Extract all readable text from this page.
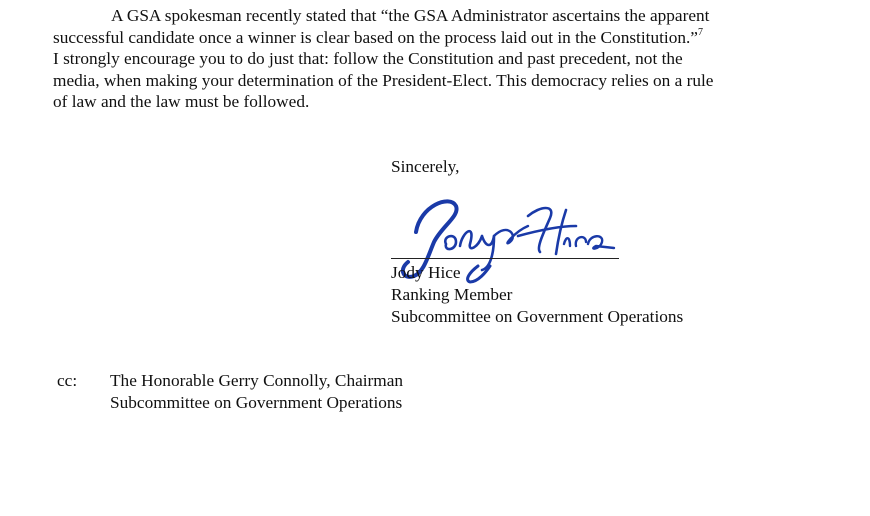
A GSA spokesman recently stated that “the GSA Administrator ascertains the apparent
successful candidate once a winner is clear based on the process laid out in the Constitution.”$^7$
I strongly encourage you to do just that: follow the Constitution and past precedent, not the
media, when making your determination of the President-Elect. This democracy relies on a rule
of law and the law must be followed.

Sincerely,
Jody Hice
Ranking Member
Subcommittee on Government Operations
cc: The Honorable Gerry Connolly, Chairman
Subcommittee on Government Operations
